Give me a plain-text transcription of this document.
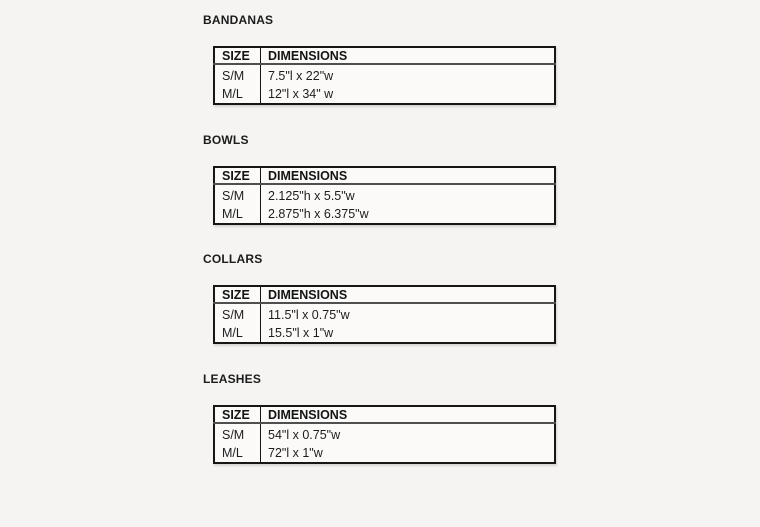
BANDANAS
SIZE	DIMENSIONS
S/M	7.5"l x 22"w
M/L	12"l x 34" w
BOWLS
SIZE	DIMENSIONS
S/M	2.125"h x 5.5"w
M/L	2.875"h x 6.375"w
COLLARS
SIZE	DIMENSIONS
S/M	11.5"l x 0.75"w
M/L	15.5"l x 1"w
LEASHES
SIZE	DIMENSIONS
S/M	54"l x 0.75"w
M/L	72"l x 1"w
